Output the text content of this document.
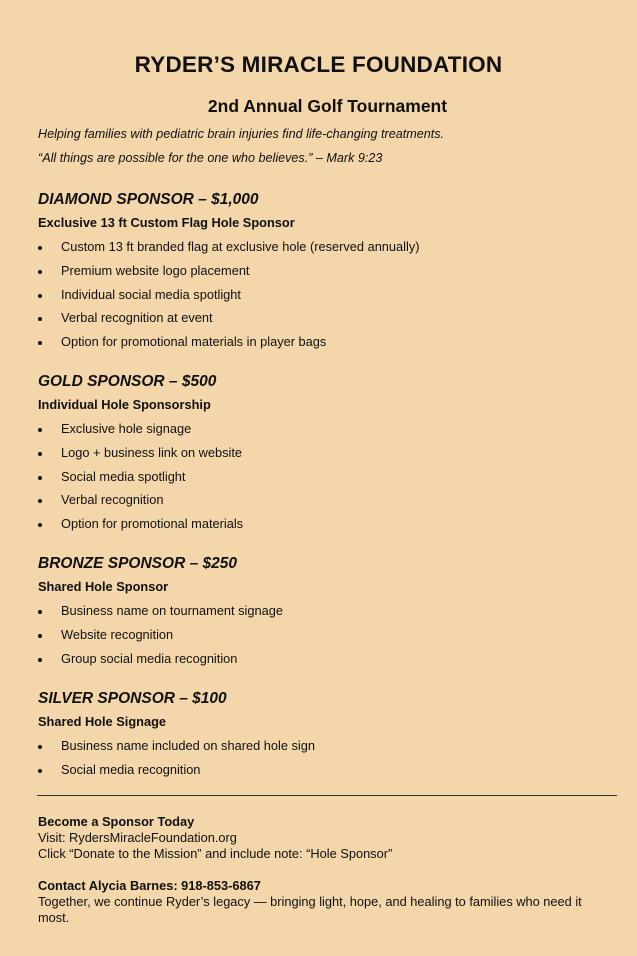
RYDER’S MIRACLE FOUNDATION
2nd Annual Golf Tournament
Helping families with pediatric brain injuries find life-changing treatments.
“All things are possible for the one who believes.” – Mark 9:23
DIAMOND SPONSOR – $1,000
Exclusive 13 ft Custom Flag Hole Sponsor
Custom 13 ft branded flag at exclusive hole (reserved annually)
Premium website logo placement
Individual social media spotlight
Verbal recognition at event
Option for promotional materials in player bags
GOLD SPONSOR – $500
Individual Hole Sponsorship
Exclusive hole signage
Logo + business link on website
Social media spotlight
Verbal recognition
Option for promotional materials
BRONZE SPONSOR – $250
Shared Hole Sponsor
Business name on tournament signage
Website recognition
Group social media recognition
SILVER SPONSOR – $100
Shared Hole Signage
Business name included on shared hole sign
Social media recognition
Become a Sponsor Today
Visit: RydersMiracleFoundation.org
Click “Donate to the Mission” and include note: “Hole Sponsor”
Contact Alycia Barnes: 918-853-6867
Together, we continue Ryder’s legacy — bringing light, hope, and healing to families who need it most.
